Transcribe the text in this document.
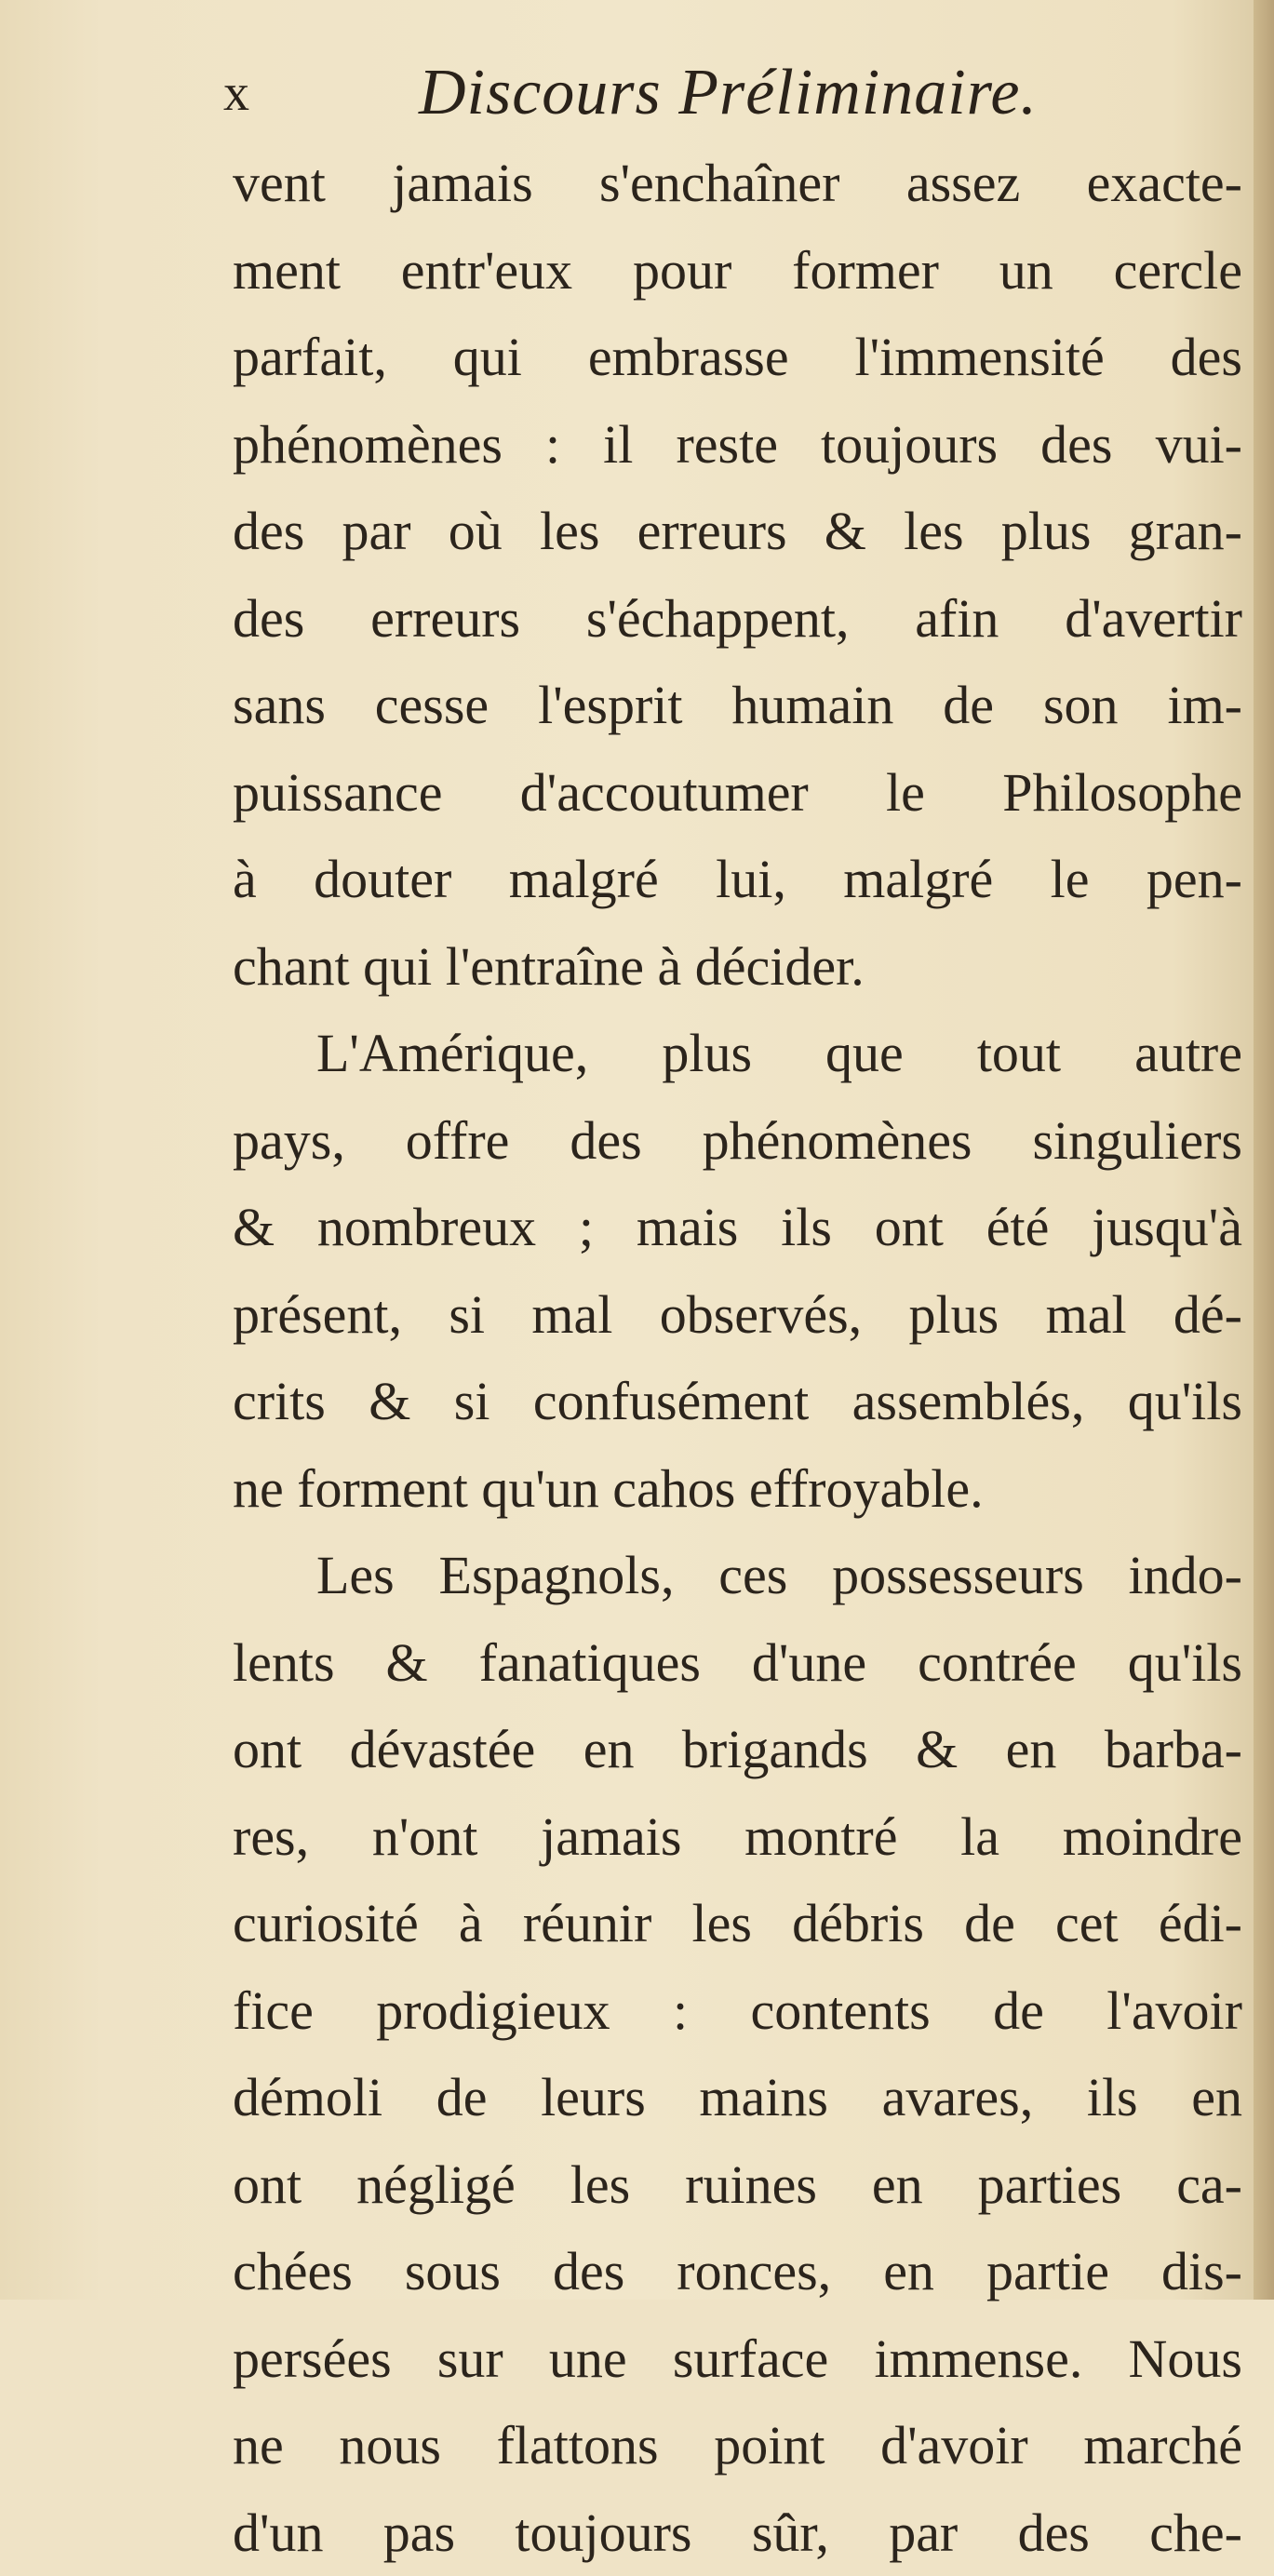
x	Discours Préliminaire.
vent jamais s'enchaîner assez exacte-
ment entr'eux pour former un cercle
parfait, qui embrasse l'immensité des
phénomènes : il reste toujours des vui-
des par où les erreurs & les plus gran-
des erreurs s'échappent, afin d'avertir
sans cesse l'esprit humain de son im-
puissance d'accoutumer le Philosophe
à douter malgré lui, malgré le pen-
chant qui l'entraîne à décider.
L'Amérique, plus que tout autre
pays, offre des phénomènes singuliers
& nombreux ; mais ils ont été jusqu'à
présent, si mal observés, plus mal dé-
crits & si confusément assemblés, qu'ils
ne forment qu'un cahos effroyable.
Les Espagnols, ces possesseurs indo-
lents & fanatiques d'une contrée qu'ils
ont dévastée en brigands & en barba-
res, n'ont jamais montré la moindre
curiosité à réunir les débris de cet édi-
fice prodigieux : contents de l'avoir
démoli de leurs mains avares, ils en
ont négligé les ruines en parties ca-
chées sous des ronces, en partie dis-
persées sur une surface immense. Nous
ne nous flattons point d'avoir marché
d'un pas toujours sûr, par des che-
